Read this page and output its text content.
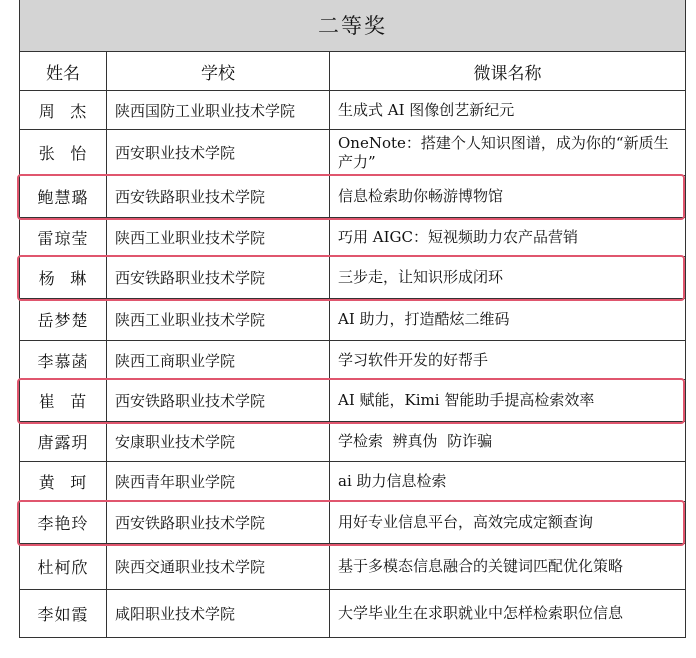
二等奖		
姓名	学校	微课名称
周 杰	陕西国防工业职业技术学院	生成式 AI 图像创艺新纪元
张 怡	西安职业技术学院	OneNote：搭建个人知识图谱，成为你的“新质生产力”
鲍慧璐	西安铁路职业技术学院	信息检索助你畅游博物馆
雷琼莹	陕西工业职业技术学院	巧用 AIGC：短视频助力农产品营销
杨 琳	西安铁路职业技术学院	三步走，让知识形成闭环
岳梦楚	陕西工业职业技术学院	AI 助力，打造酷炫二维码
李慕菡	陕西工商职业学院	学习软件开发的好帮手
崔 苗	西安铁路职业技术学院	AI 赋能，Kimi 智能助手提高检索效率
唐露玥	安康职业技术学院	学检索  辨真伪  防诈骗
黄 珂	陕西青年职业学院	ai 助力信息检索
李艳玲	西安铁路职业技术学院	用好专业信息平台，高效完成定额查询
杜柯欣	陕西交通职业技术学院	基于多模态信息融合的关键词匹配优化策略
李如霞	咸阳职业技术学院	大学毕业生在求职就业中怎样检索职位信息
